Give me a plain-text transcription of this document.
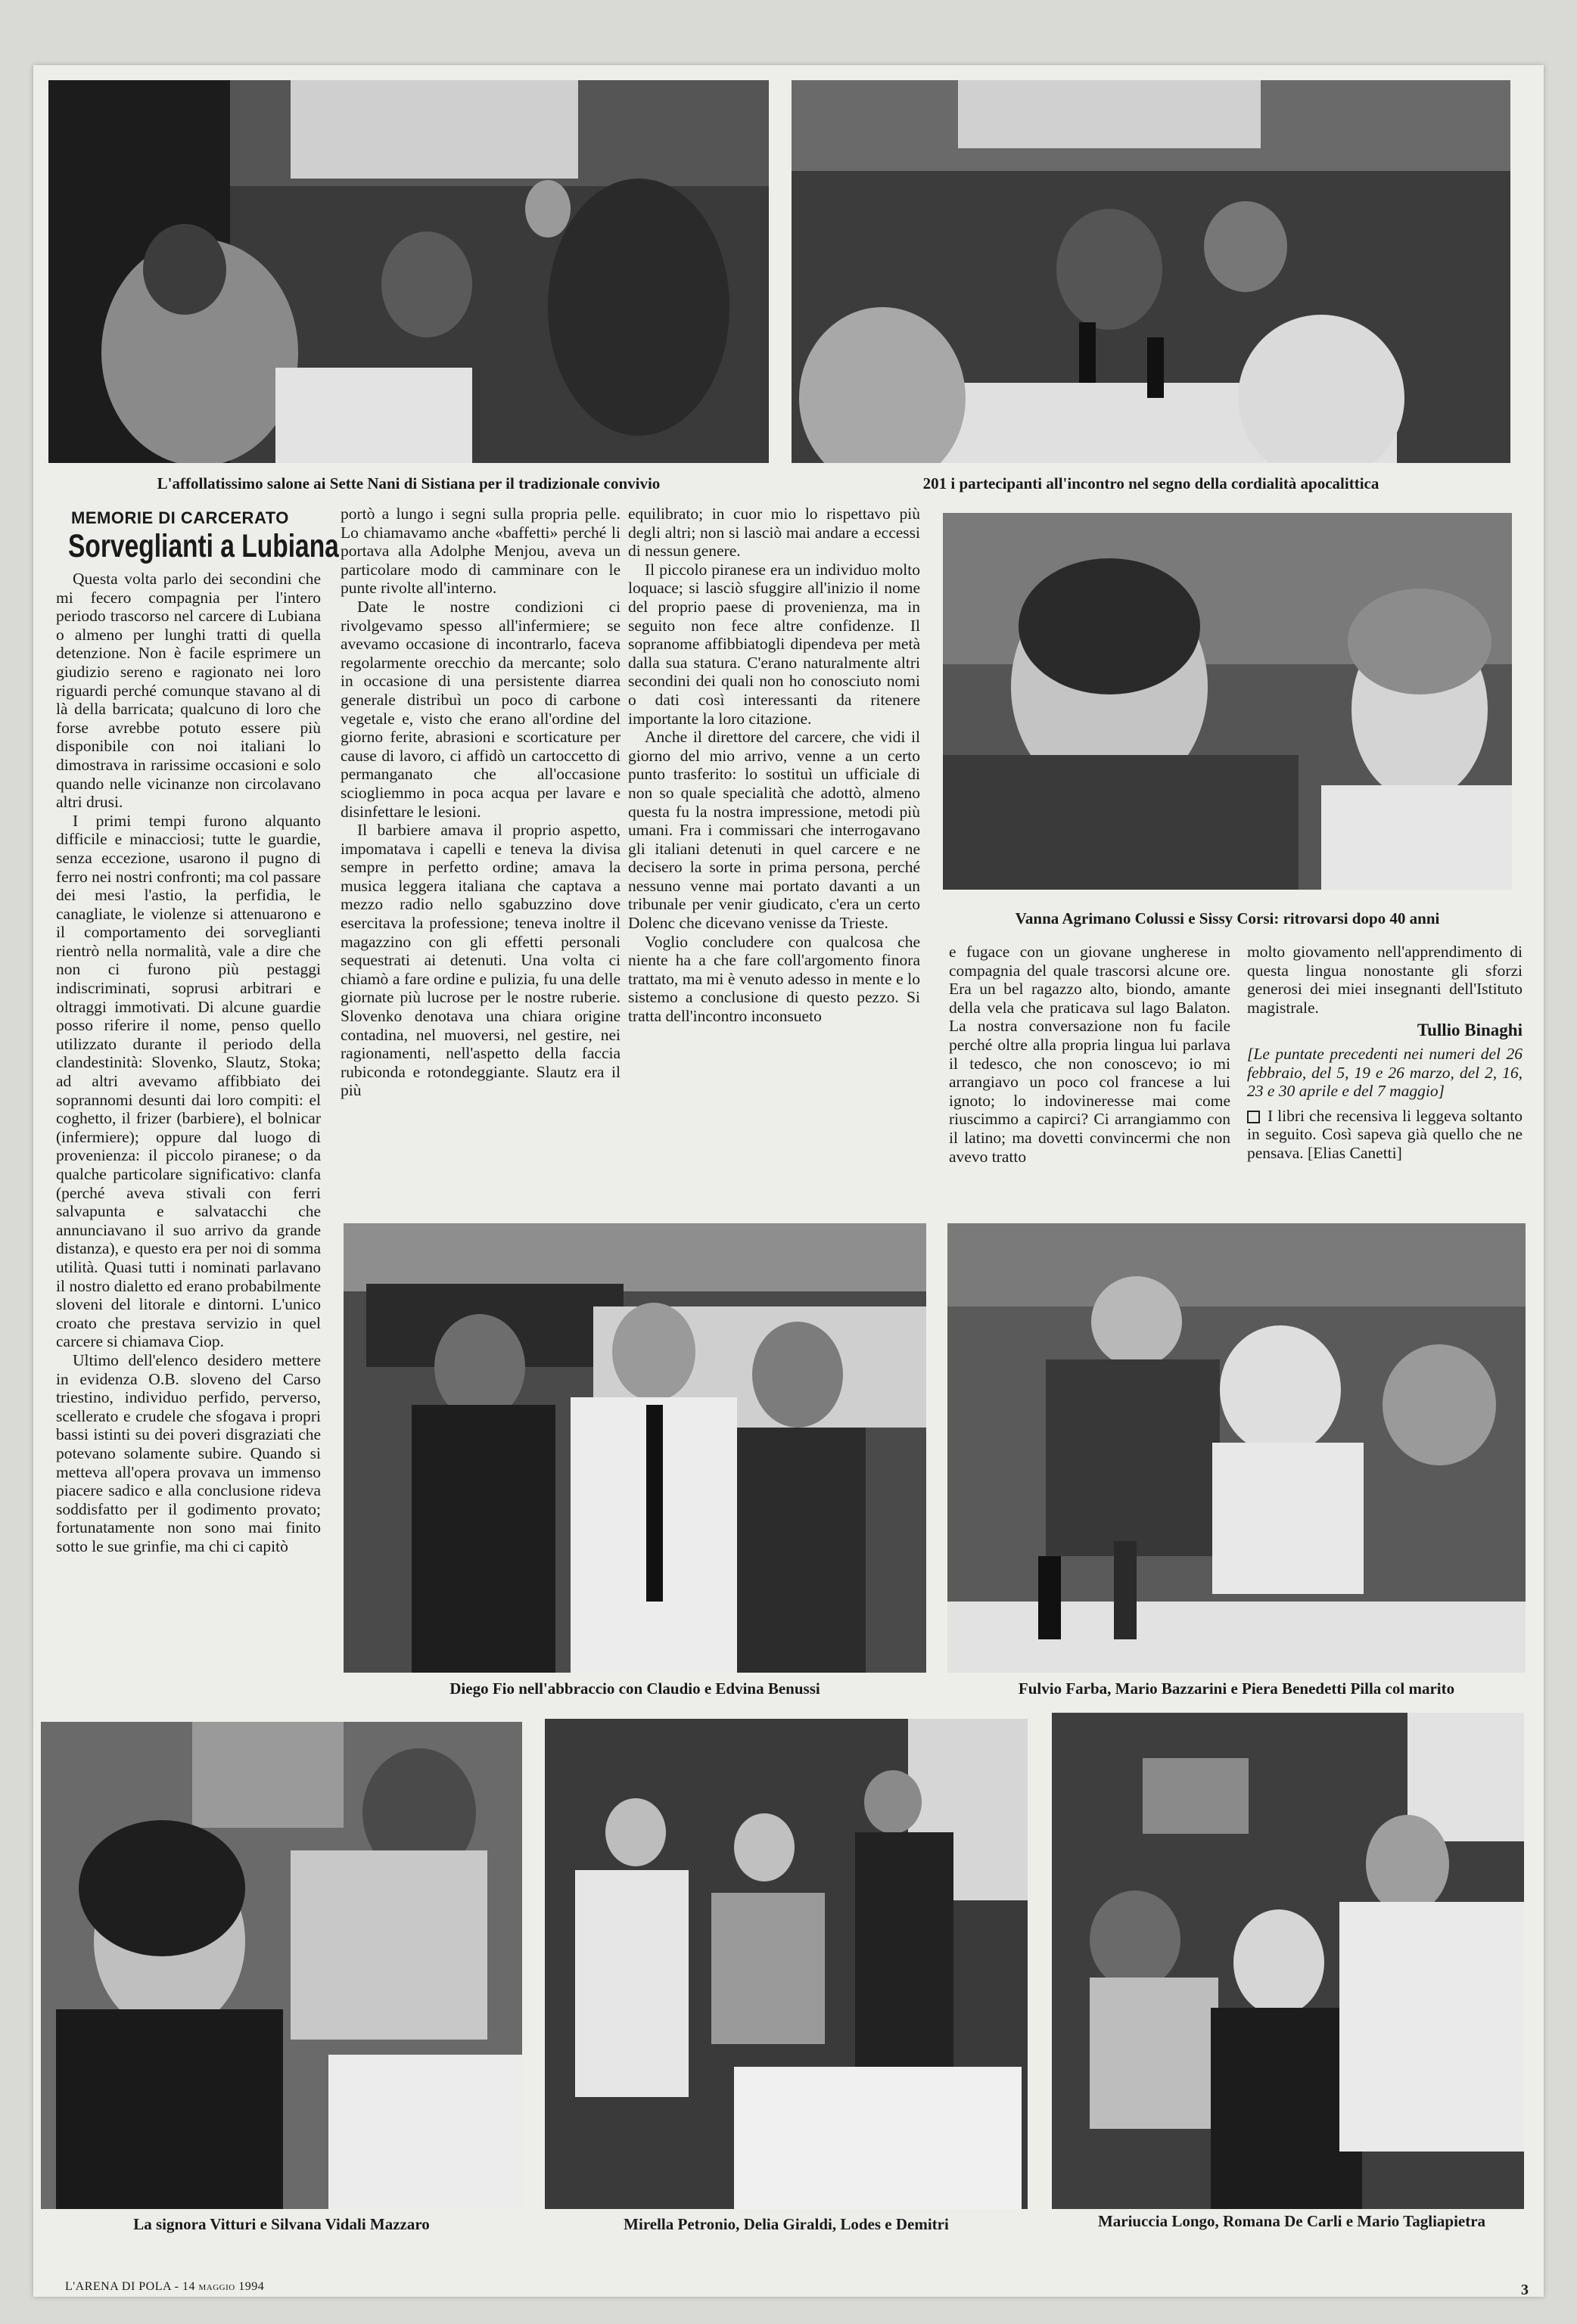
L'affollatissimo salone ai Sette Nani di Sistiana per il tradizionale convivio	201 i partecipanti all'incontro nel segno della cordialità apocalittica
MEMORIE DI CARCERATO
Sorveglianti a Lubiana

Questa volta parlo dei secondini che mi fecero compagnia per l'intero periodo trascorso nel carcere di Lubiana o almeno per lunghi tratti di quella detenzione. Non è facile esprimere un giudizio sereno e ragionato nei loro riguardi perché comunque stavano al di là della barricata; qualcuno di loro che forse avrebbe potuto essere più disponibile con noi italiani lo dimostrava in rarissime occasioni e solo quando nelle vicinanze non circolavano altri drusi.

I primi tempi furono alquanto difficile e minacciosi; tutte le guardie, senza eccezione, usarono il pugno di ferro nei nostri confronti; ma col passare dei mesi l'astio, la perfidia, le canagliate, le violenze si attenuarono e il comportamento dei sorveglianti rientrò nella normalità, vale a dire che non ci furono più pestaggi indiscriminati, soprusi arbitrari e oltraggi immotivati. Di alcune guardie posso riferire il nome, penso quello utilizzato durante il periodo della clandestinità: Slovenko, Slautz, Stoka; ad altri avevamo affibbiato dei soprannomi desunti dai loro compiti: el coghetto, il frizer (barbiere), el bolnicar (infermiere); oppure dal luogo di provenienza: il piccolo piranese; o da qualche particolare significativo: clanfa (perché aveva stivali con ferri salvapunta e salvatacchi che annunciavano il suo arrivo da grande distanza), e questo era per noi di somma utilità. Quasi tutti i nominati parlavano il nostro dialetto ed erano probabilmente sloveni del litorale e dintorni. L'unico croato che prestava servizio in quel carcere si chiamava Ciop.

Ultimo dell'elenco desidero mettere in evidenza O.B. sloveno del Carso triestino, individuo perfido, perverso, scellerato e crudele che sfogava i propri bassi istinti su dei poveri disgraziati che potevano solamente subire. Quando si metteva all'opera provava un immenso piacere sadico e alla conclusione rideva soddisfatto per il godimento provato; fortunatamente non sono mai finito sotto le sue grinfie, ma chi ci capitò

portò a lungo i segni sulla propria pelle. Lo chiamavamo anche «baffetti» perché li portava alla Adolphe Menjou, aveva un particolare modo di camminare con le punte rivolte all'interno.

Date le nostre condizioni ci rivolgevamo spesso all'infermiere; se avevamo occasione di incontrarlo, faceva regolarmente orecchio da mercante; solo in occasione di una persistente diarrea generale distribuì un poco di carbone vegetale e, visto che erano all'ordine del giorno ferite, abrasioni e scorticature per cause di lavoro, ci affidò un cartoccetto di permanganato che all'occasione sciogliemmo in poca acqua per lavare e disinfettare le lesioni.

Il barbiere amava il proprio aspetto, impomatava i capelli e teneva la divisa sempre in perfetto ordine; amava la musica leggera italiana che captava a mezzo radio nello sgabuzzino dove esercitava la professione; teneva inoltre il magazzino con gli effetti personali sequestrati ai detenuti. Una volta ci chiamò a fare ordine e pulizia, fu una delle giornate più lucrose per le nostre ruberie. Slovenko denotava una chiara origine contadina, nel muoversi, nel gestire, nei ragionamenti, nell'aspetto della faccia rubiconda e rotondeggiante. Slautz era il più

equilibrato; in cuor mio lo rispettavo più degli altri; non si lasciò mai andare a eccessi di nessun genere.

Il piccolo piranese era un individuo molto loquace; si lasciò sfuggire all'inizio il nome del proprio paese di provenienza, ma in seguito non fece altre confidenze. Il sopranome affibbiatogli dipendeva per metà dalla sua statura. C'erano naturalmente altri secondini dei quali non ho conosciuto nomi o dati così interessanti da ritenere importante la loro citazione.

Anche il direttore del carcere, che vidi il giorno del mio arrivo, venne a un certo punto trasferito: lo sostituì un ufficiale di non so quale specialità che adottò, almeno questa fu la nostra impressione, metodi più umani. Fra i commissari che interrogavano gli italiani detenuti in quel carcere e ne decisero la sorte in prima persona, perché nessuno venne mai portato davanti a un tribunale per venir giudicato, c'era un certo Dolenc che dicevano venisse da Trieste.

Voglio concludere con qualcosa che niente ha a che fare coll'argomento finora trattato, ma mi è venuto adesso in mente e lo sistemo a conclusione di questo pezzo. Si tratta dell'incontro inconsueto

Vanna Agrimano Colussi e Sissy Corsi: ritrovarsi dopo 40 anni

e fugace con un giovane ungherese in compagnia del quale trascorsi alcune ore. Era un bel ragazzo alto, biondo, amante della vela che praticava sul lago Balaton. La nostra conversazione non fu facile perché oltre alla propria lingua lui parlava il tedesco, che non conoscevo; io mi arrangiavo un poco col francese a lui ignoto; lo indovineresse mai come riuscimmo a capirci? Ci arrangiammo con il latino; ma dovetti convincermi che non avevo tratto

molto giovamento nell'apprendimento di questa lingua nonostante gli sforzi generosi dei miei insegnanti dell'Istituto magistrale.

Tullio Binaghi

[Le puntate precedenti nei numeri del 26 febbraio, del 5, 19 e 26 marzo, del 2, 16, 23 e 30 aprile e del 7 maggio]

I libri che recensiva li leggeva soltanto in seguito. Così sapeva già quello che ne pensava. [Elias Canetti]

Diego Fio nell'abbraccio con Claudio e Edvina Benussi	Fulvio Farba, Mario Bazzarini e Piera Benedetti Pilla col marito
La signora Vitturi e Silvana Vidali Mazzaro	Mirella Petronio, Delia Giraldi, Lodes e Demitri	Mariuccia Longo, Romana De Carli e Mario Tagliapietra
L'ARENA DI POLA - 14 maggio 1994	3
